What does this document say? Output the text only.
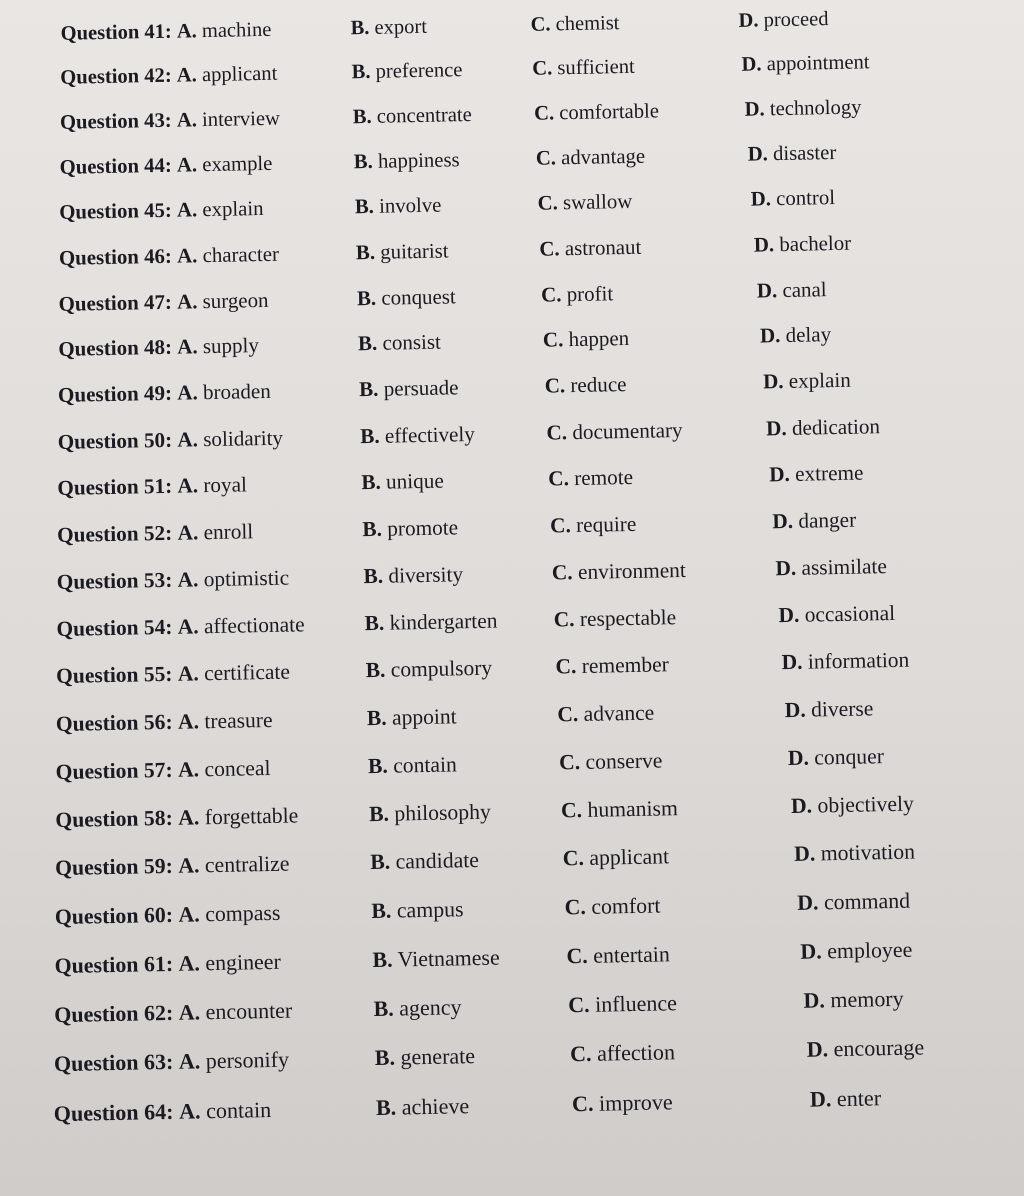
Question 41: A. machine	B. export	C. chemist	D. proceed
Question 42: A. applicant	B. preference	C. sufficient	D. appointment
Question 43: A. interview	B. concentrate	C. comfortable	D. technology
Question 44: A. example	B. happiness	C. advantage	D. disaster
Question 45: A. explain	B. involve	C. swallow	D. control
Question 46: A. character	B. guitarist	C. astronaut	D. bachelor
Question 47: A. surgeon	B. conquest	C. profit	D. canal
Question 48: A. supply	B. consist	C. happen	D. delay
Question 49: A. broaden	B. persuade	C. reduce	D. explain
Question 50: A. solidarity	B. effectively	C. documentary	D. dedication
Question 51: A. royal	B. unique	C. remote	D. extreme
Question 52: A. enroll	B. promote	C. require	D. danger
Question 53: A. optimistic	B. diversity	C. environment	D. assimilate
Question 54: A. affectionate	B. kindergarten	C. respectable	D. occasional
Question 55: A. certificate	B. compulsory	C. remember	D. information
Question 56: A. treasure	B. appoint	C. advance	D. diverse
Question 57: A. conceal	B. contain	C. conserve	D. conquer
Question 58: A. forgettable	B. philosophy	C. humanism	D. objectively
Question 59: A. centralize	B. candidate	C. applicant	D. motivation
Question 60: A. compass	B. campus	C. comfort	D. command
Question 61: A. engineer	B. Vietnamese	C. entertain	D. employee
Question 62: A. encounter	B. agency	C. influence	D. memory
Question 63: A. personify	B. generate	C. affection	D. encourage
Question 64: A. contain	B. achieve	C. improve	D. enter
